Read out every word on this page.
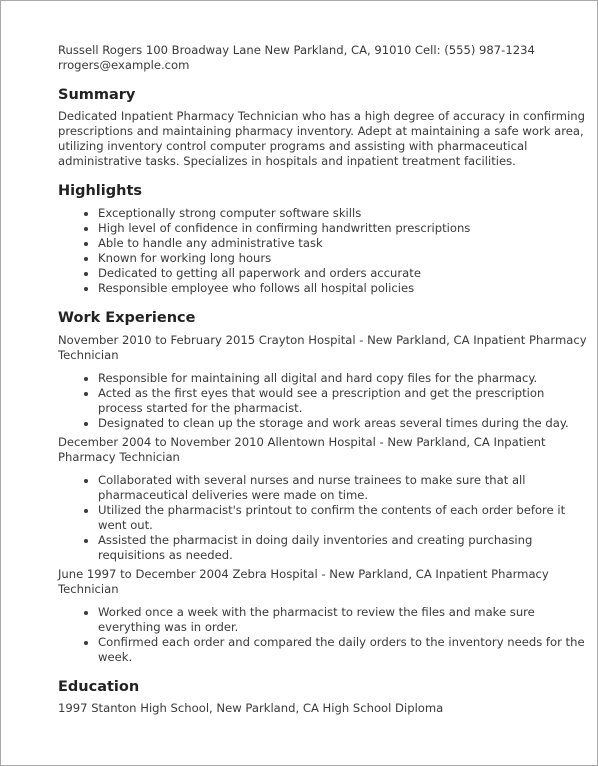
Russell Rogers 100 Broadway Lane New Parkland, CA, 91010 Cell: (555) 987-1234
rrogers@example.com
Summary

Dedicated Inpatient Pharmacy Technician who has a high degree of accuracy in confirming prescriptions and maintaining pharmacy inventory. Adept at maintaining a safe work area, utilizing inventory control computer programs and assisting with pharmaceutical administrative tasks. Specializes in hospitals and inpatient treatment facilities.

Highlights
• Exceptionally strong computer software skills
• High level of confidence in confirming handwritten prescriptions
• Able to handle any administrative task
• Known for working long hours
• Dedicated to getting all paperwork and orders accurate
• Responsible employee who follows all hospital policies
Work Experience

November 2010 to February 2015 Crayton Hospital - New Parkland, CA Inpatient Pharmacy Technician

• Responsible for maintaining all digital and hard copy files for the pharmacy.
• Acted as the first eyes that would see a prescription and get the prescription process started for the pharmacist.
• Designated to clean up the storage and work areas several times during the day.

December 2004 to November 2010 Allentown Hospital - New Parkland, CA Inpatient Pharmacy Technician

• Collaborated with several nurses and nurse trainees to make sure that all pharmaceutical deliveries were made on time.
• Utilized the pharmacist's printout to confirm the contents of each order before it went out.
• Assisted the pharmacist in doing daily inventories and creating purchasing requisitions as needed.

June 1997 to December 2004 Zebra Hospital - New Parkland, CA Inpatient Pharmacy Technician

• Worked once a week with the pharmacist to review the files and make sure everything was in order.
• Confirmed each order and compared the daily orders to the inventory needs for the week.
Education

1997 Stanton High School, New Parkland, CA High School Diploma
